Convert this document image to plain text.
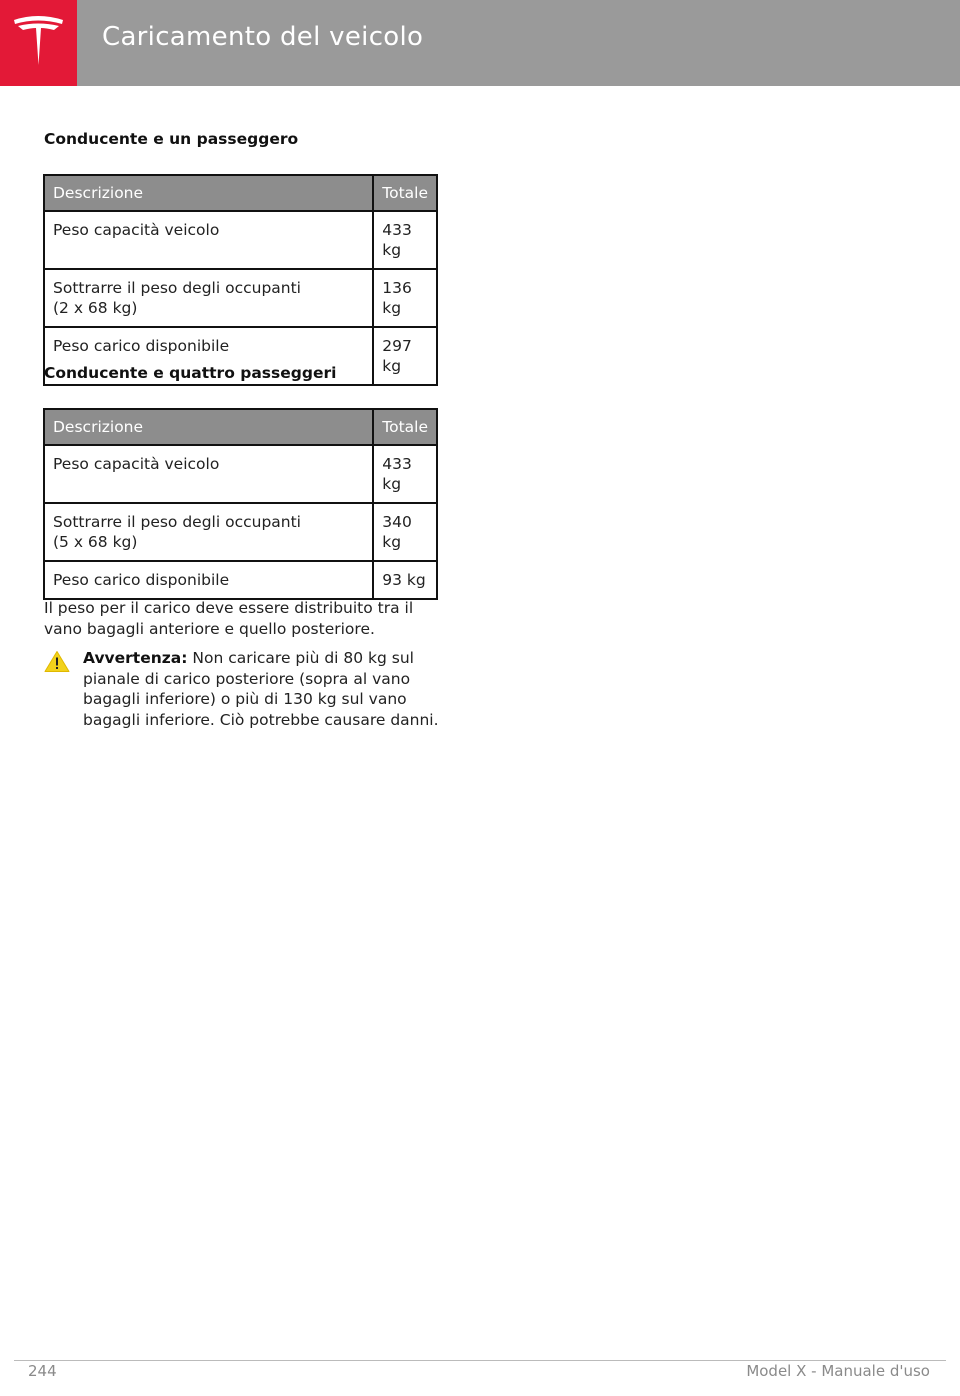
Caricamento del veicolo
Conducente e un passeggero
Descrizione	Totale
Peso capacità veicolo	433 kg
Sottrarre il peso degli occupanti (2 x 68 kg)	136 kg
Peso carico disponibile	297 kg
Conducente e quattro passeggeri
Descrizione	Totale
Peso capacità veicolo	433 kg
Sottrarre il peso degli occupanti (5 x 68 kg)	340 kg
Peso carico disponibile	93 kg
Il peso per il carico deve essere distribuito tra il vano bagagli anteriore e quello posteriore.
Avvertenza: Non caricare più di 80 kg sul pianale di carico posteriore (sopra al vano bagagli inferiore) o più di 130 kg sul vano bagagli inferiore. Ciò potrebbe causare danni.
244	Model X - Manuale d'uso
